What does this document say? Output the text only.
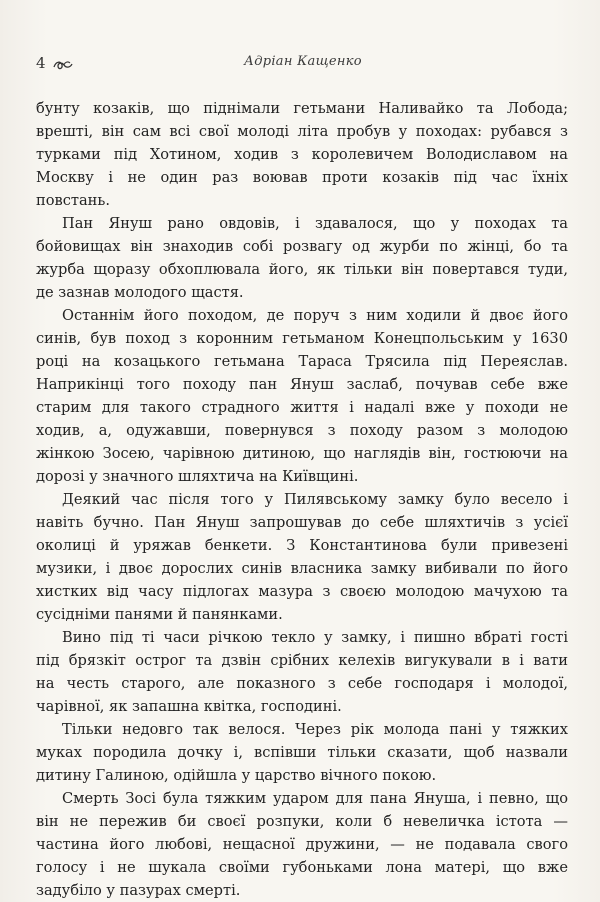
4	Адріан Кащенко
бунту козаків, що піднімали гетьмани Наливайко та Лобода;
врешті, він сам всі свої молоді літа пробув у походах: рубався з
турками під Хотином, ходив з королевичем Володиславом на
Москву і не один раз воював проти козаків під час їхніх
повстань.
Пан Януш рано овдовів, і здавалося, що у походах та
бойовищах він знаходив собі розвагу од журби по жінці, бо та
журба щоразу обхоплювала його, як тільки він повертався туди,
де зазнав молодого щастя.
Останнім його походом, де поруч з ним ходили й двоє його
синів, був поход з коронним гетьманом Конецпольським у 1630
році на козацького гетьмана Тараса Трясила під Переяслав.
Наприкінці того походу пан Януш заслаб, почував себе вже
старим для такого страдного життя і надалі вже у походи не
ходив, а, одужавши, повернувся з походу разом з молодою
жінкою Зосею, чарівною дитиною, що наглядів він, гостюючи на
дорозі у значного шляхтича на Київщині.
Деякий час після того у Пилявському замку було весело і
навіть бучно. Пан Януш запрошував до себе шляхтичів з усієї
околиці й уряжав бенкети. З Константинова були привезені
музики, і двоє дорослих синів власника замку вибивали по його
хистких від часу підлогах мазура з своєю молодою мачухою та
сусідніми панями й панянками.
Вино під ті часи річкою текло у замку, і пишно вбраті гості
під брязкіт острог та дзвін срібних келехів вигукували в і вати
на честь старого, але показного з себе господаря і молодої,
чарівної, як запашна квітка, господині.
Тільки недовго так велося. Через рік молода пані у тяжких
муках породила дочку і, вспівши тільки сказати, щоб назвали
дитину Галиною, одійшла у царство вічного покою.
Смерть Зосі була тяжким ударом для пана Януша, і певно, що
він не пережив би своєї розпуки, коли б невеличка істота —
частина його любові, нещасної дружини, — не подавала свого
голосу і не шукала своїми губоньками лона матері, що вже
задубіло у пазурах смерті.
